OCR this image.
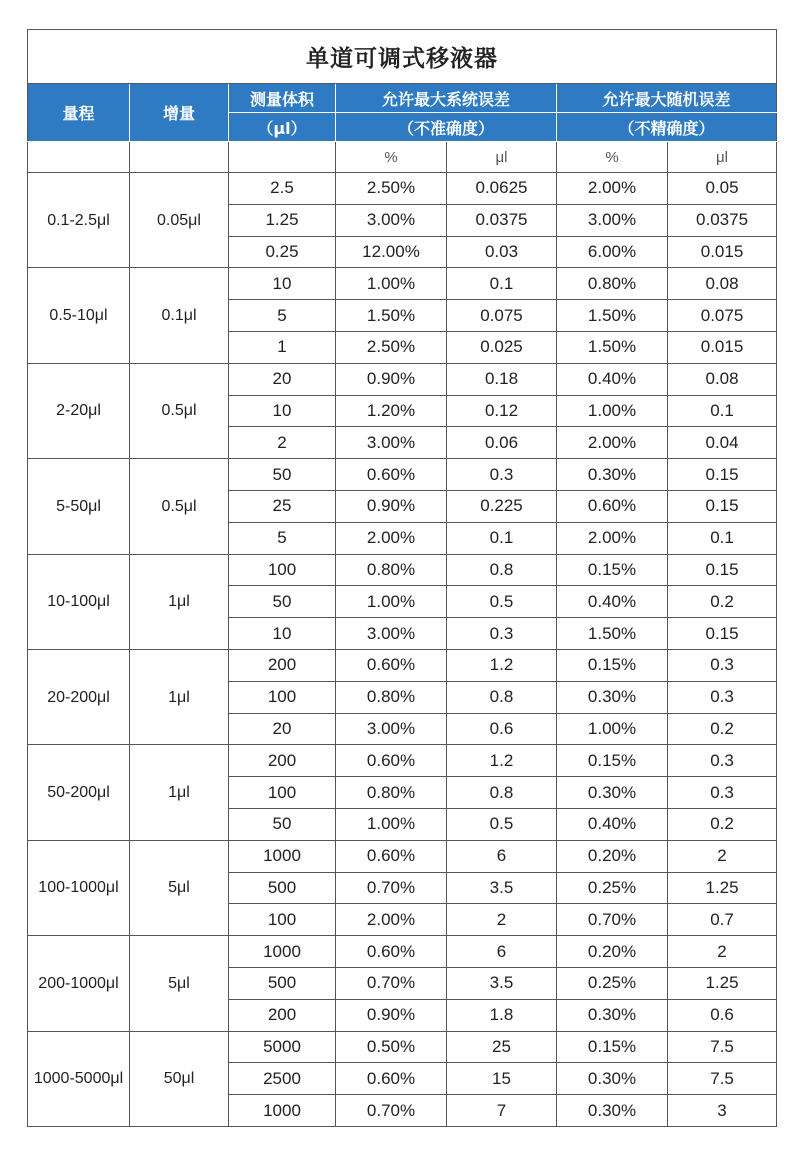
单道可调式移液器						
量程	增量	测量体积	允许最大系统误差		允许最大随机误差	
		（μl）	（不准确度）		（不精确度）	
			%	μl	%	μl
0.1-2.5μl	0.05μl	2.5	2.50%	0.0625	2.00%	0.05
		1.25	3.00%	0.0375	3.00%	0.0375
		0.25	12.00%	0.03	6.00%	0.015
0.5-10μl	0.1μl	10	1.00%	0.1	0.80%	0.08
		5	1.50%	0.075	1.50%	0.075
		1	2.50%	0.025	1.50%	0.015
2-20μl	0.5μl	20	0.90%	0.18	0.40%	0.08
		10	1.20%	0.12	1.00%	0.1
		2	3.00%	0.06	2.00%	0.04
5-50μl	0.5μl	50	0.60%	0.3	0.30%	0.15
		25	0.90%	0.225	0.60%	0.15
		5	2.00%	0.1	2.00%	0.1
10-100μl	1μl	100	0.80%	0.8	0.15%	0.15
		50	1.00%	0.5	0.40%	0.2
		10	3.00%	0.3	1.50%	0.15
20-200μl	1μl	200	0.60%	1.2	0.15%	0.3
		100	0.80%	0.8	0.30%	0.3
		20	3.00%	0.6	1.00%	0.2
50-200μl	1μl	200	0.60%	1.2	0.15%	0.3
		100	0.80%	0.8	0.30%	0.3
		50	1.00%	0.5	0.40%	0.2
100-1000μl	5μl	1000	0.60%	6	0.20%	2
		500	0.70%	3.5	0.25%	1.25
		100	2.00%	2	0.70%	0.7
200-1000μl	5μl	1000	0.60%	6	0.20%	2
		500	0.70%	3.5	0.25%	1.25
		200	0.90%	1.8	0.30%	0.6
1000-5000μl	50μl	5000	0.50%	25	0.15%	7.5
		2500	0.60%	15	0.30%	7.5
		1000	0.70%	7	0.30%	3
